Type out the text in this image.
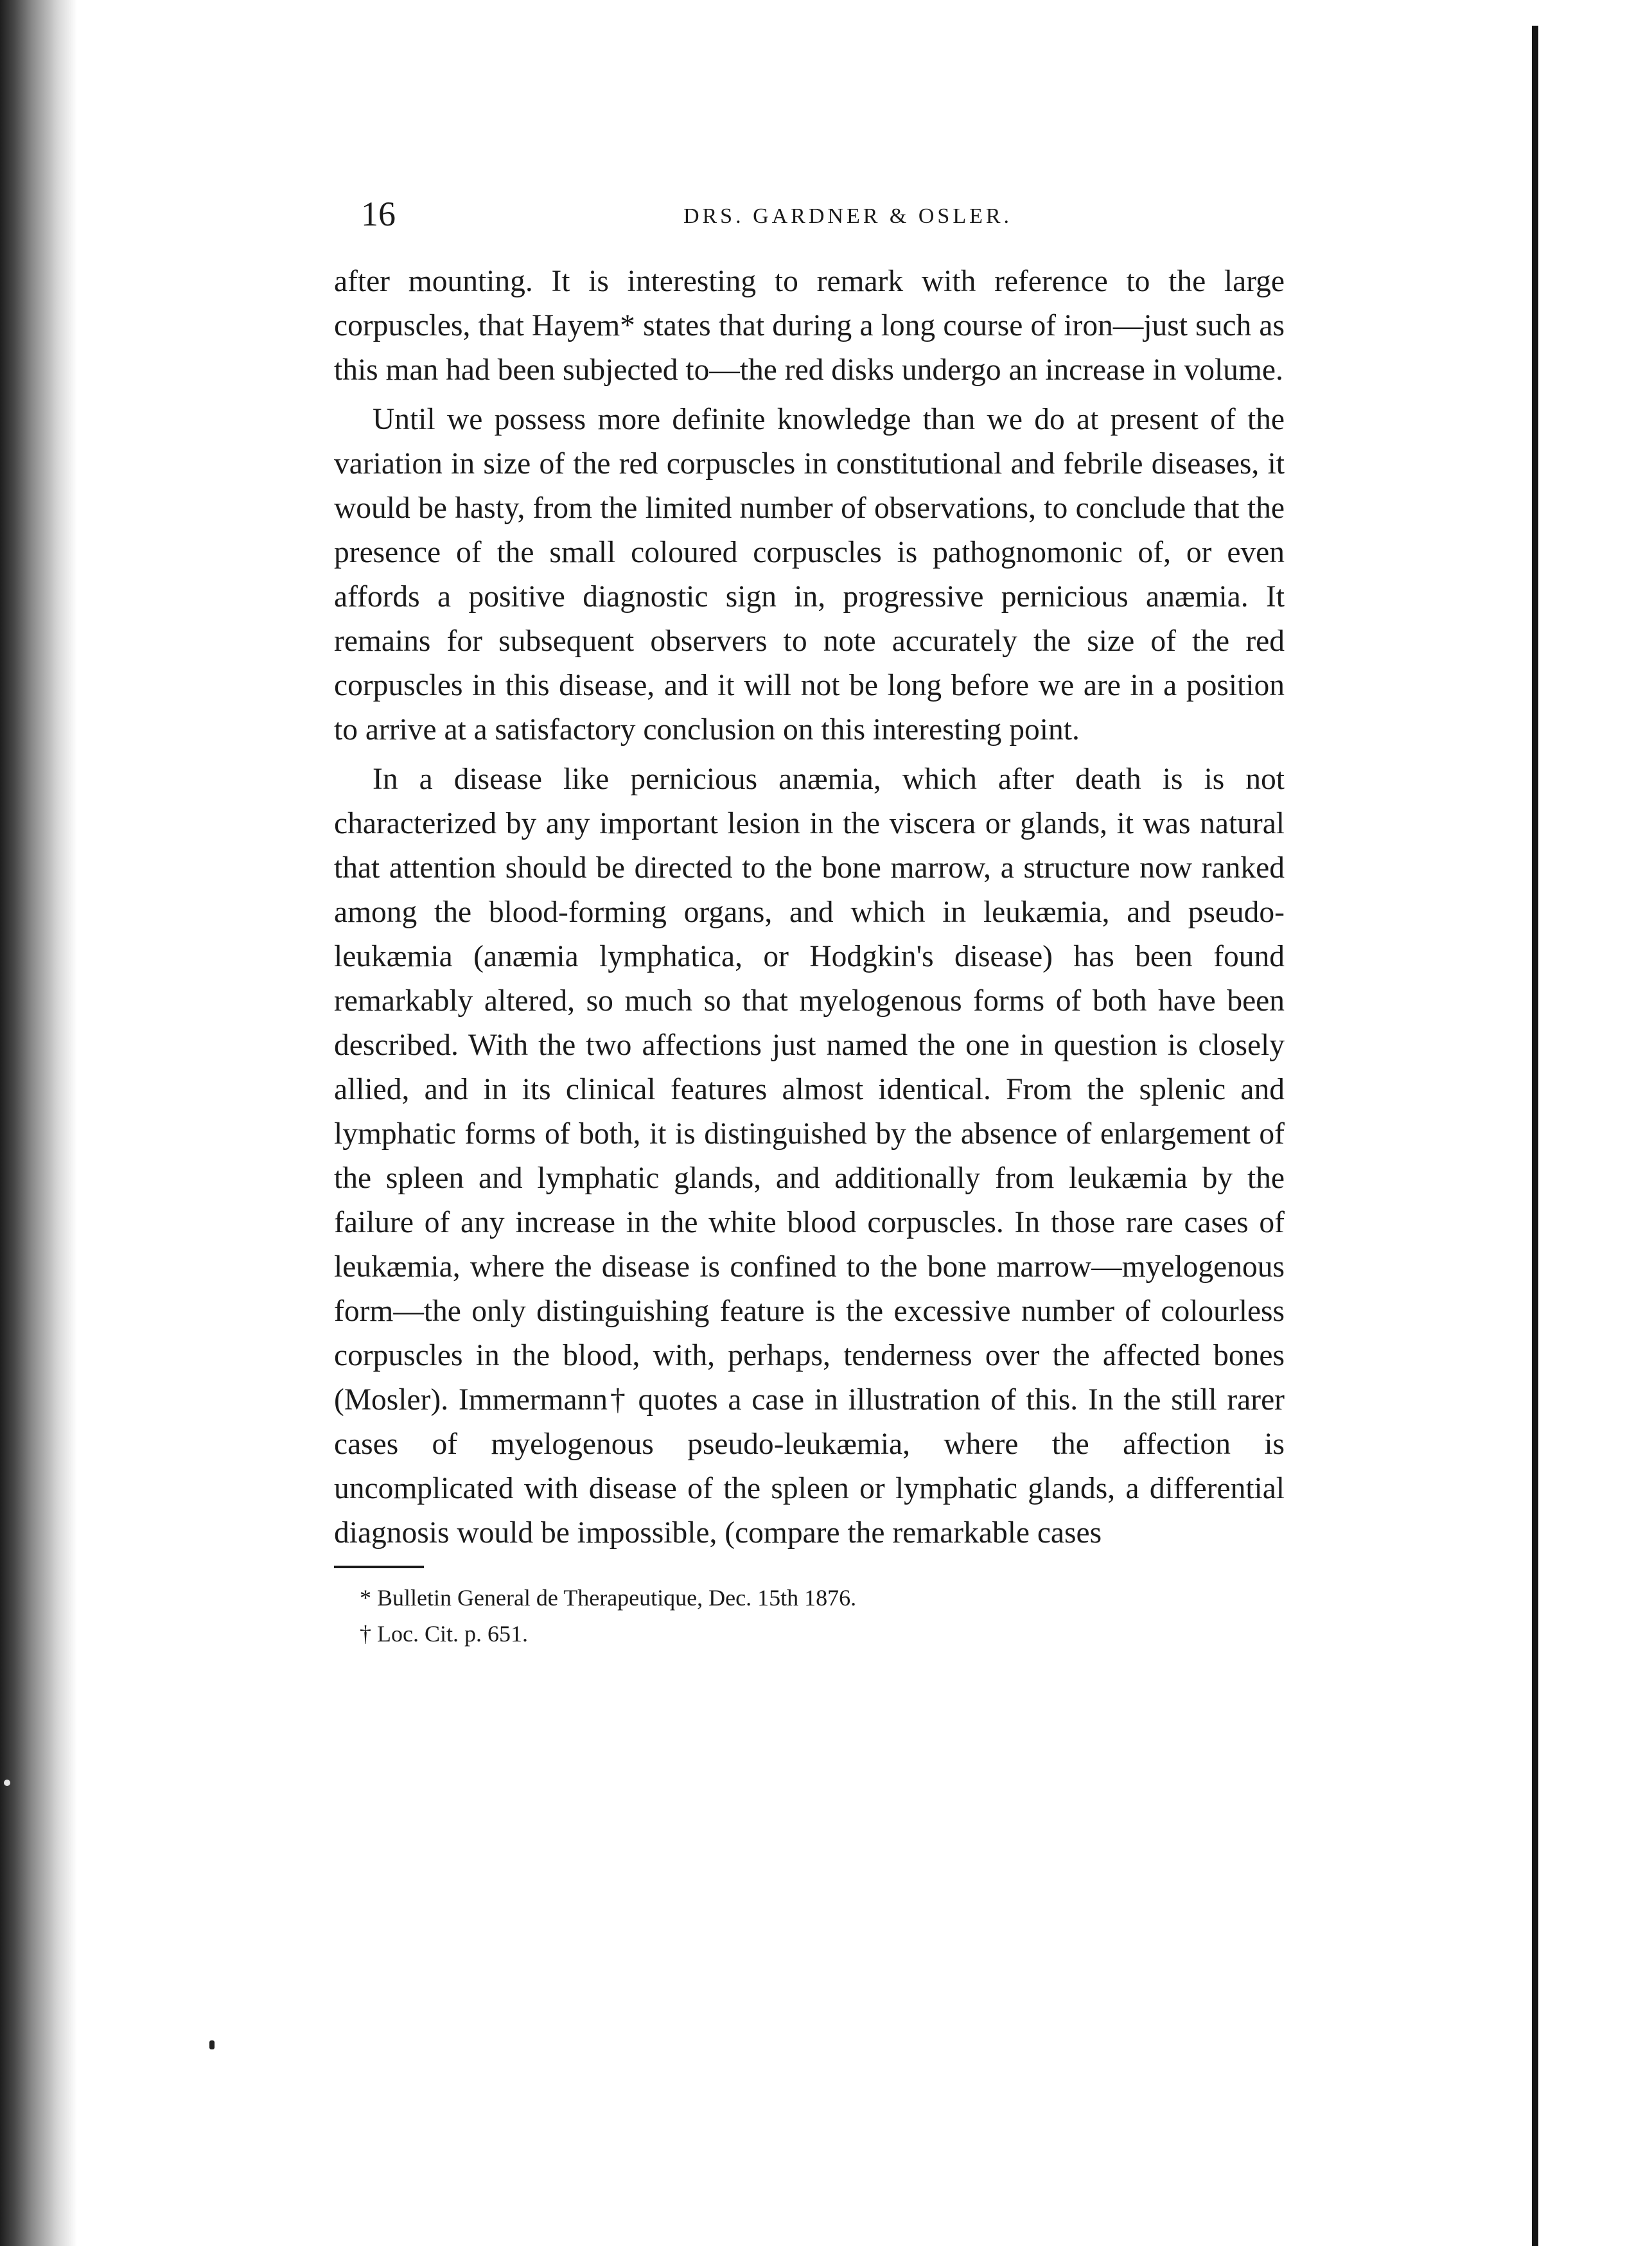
16	DRS. GARDNER & OSLER.

after mounting. It is interesting to remark with reference to the large corpuscles, that Hayem* states that during a long course of iron—just such as this man had been subjected to—the red disks undergo an increase in volume.

Until we possess more definite knowledge than we do at present of the variation in size of the red corpuscles in constitutional and febrile diseases, it would be hasty, from the limited number of observations, to conclude that the presence of the small coloured corpuscles is pathognomonic of, or even affords a positive diagnostic sign in, progressive pernicious anæmia. It remains for subsequent observers to note accurately the size of the red corpuscles in this disease, and it will not be long before we are in a position to arrive at a satisfactory conclusion on this interesting point.

In a disease like pernicious anæmia, which after death is is not characterized by any important lesion in the viscera or glands, it was natural that attention should be directed to the bone marrow, a structure now ranked among the blood-forming organs, and which in leukæmia, and pseudo-leukæmia (anæmia lymphatica, or Hodgkin's disease) has been found remarkably altered, so much so that myelogenous forms of both have been described. With the two affections just named the one in question is closely allied, and in its clinical features almost identical. From the splenic and lymphatic forms of both, it is distinguished by the absence of enlargement of the spleen and lymphatic glands, and additionally from leukæmia by the failure of any increase in the white blood corpuscles. In those rare cases of leukæmia, where the disease is confined to the bone marrow—myelogenous form—the only distinguishing feature is the excessive number of colourless corpuscles in the blood, with, perhaps, tenderness over the affected bones (Mosler). Immermann† quotes a case in illustration of this. In the still rarer cases of myelogenous pseudo-leukæmia, where the affection is uncomplicated with disease of the spleen or lymphatic glands, a differential diagnosis would be impossible, (compare the remarkable cases

* Bulletin General de Therapeutique, Dec. 15th 1876.
† Loc. Cit. p. 651.
